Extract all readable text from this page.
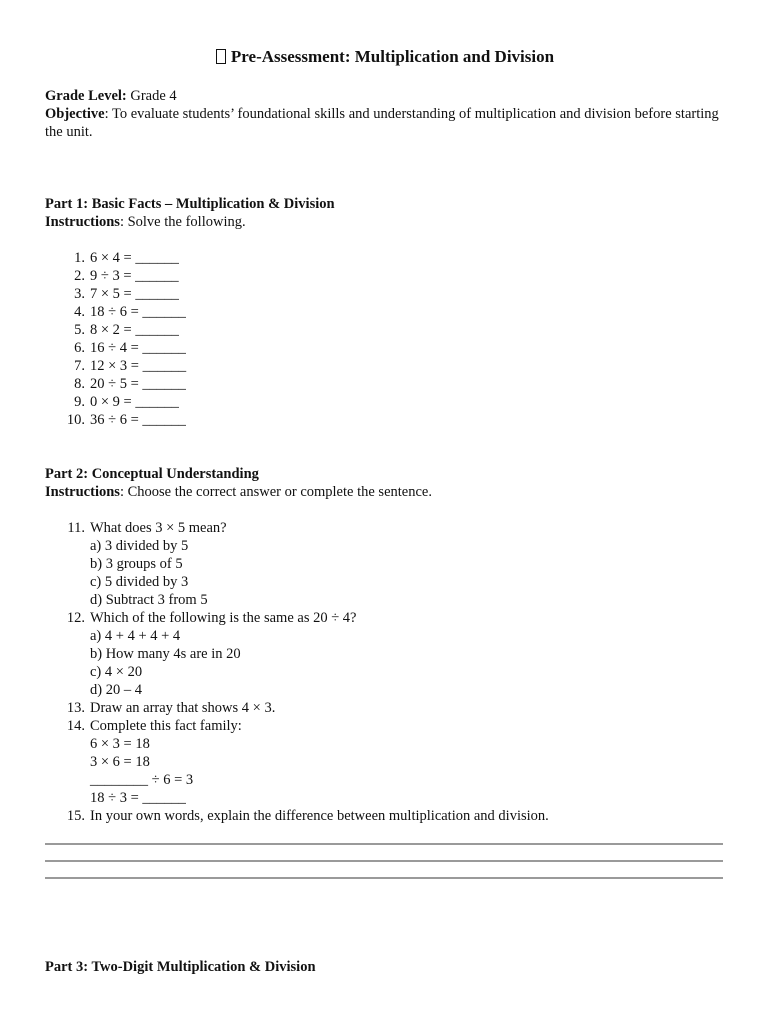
Pre-Assessment: Multiplication and Division

Grade Level: Grade 4

Objective: To evaluate students’ foundational skills and understanding of multiplication and division before starting the unit.

Part 1: Basic Facts – Multiplication & Division

Instructions: Solve the following.

1. 6 × 4 = ______
2. 9 ÷ 3 = ______
3. 7 × 5 = ______
4. 18 ÷ 6 = ______
5. 8 × 2 = ______
6. 16 ÷ 4 = ______
7. 12 × 3 = ______
8. 20 ÷ 5 = ______
9. 0 × 9 = ______
10. 36 ÷ 6 = ______

Part 2: Conceptual Understanding

Instructions: Choose the correct answer or complete the sentence.

11. What does 3 × 5 mean?
a) 3 divided by 5
b) 3 groups of 5
c) 5 divided by 3
d) Subtract 3 from 5
12. Which of the following is the same as 20 ÷ 4?
a) 4 + 4 + 4 + 4
b) How many 4s are in 20
c) 4 × 20
d) 20 – 4
13. Draw an array that shows 4 × 3.
14. Complete this fact family:
6 × 3 = 18
3 × 6 = 18
________ ÷ 6 = 3
18 ÷ 3 = ______
15. In your own words, explain the difference between multiplication and division.

Part 3: Two-Digit Multiplication & Division
